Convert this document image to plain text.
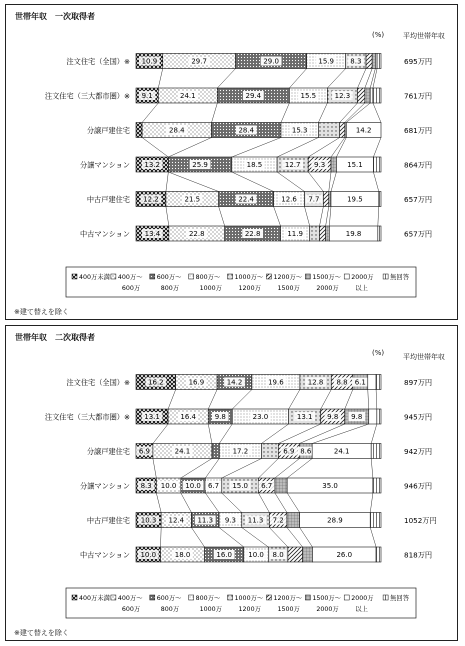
世帯年収　一次取得者
(%)	平均世帯年収
注文住宅（全国）※ 10.9	29.7	29.0	15.9 8.3	695万円
注文住宅（三大都市圏）※ 9.1	24.1	29.4	15.5	12.3	761万円
分譲戸建住宅	28.4	28.4	15.3	14.2	681万円
分譲マンション 13.2	25.9	18.5	12.7 9.3	15.1	864万円
中古戸建住宅 12.2	21.5	22.4	12.6 7.7	19.5	657万円
中古マンション 13.4	22.8	22.8	11.9	19.8	657万円
400万未満 400万～
600万
600万～
800万
800万～
1000万
1000万～
1200万
1200万～
1500万
1500万～
2000万
2000万
以上
無回答
※建て替えを除く
世帯年収　二次取得者
(%)	平均世帯年収
注文住宅（全国）※	16.2	16.9	14.2	19.6	12.8 8.8 6.1	897万円
注文住宅（三大都市圏）※ 13.1	16.4	9.8	23.0	13.1 9.8 9.8	945万円
分譲戸建住宅 6.9	24.1	17.2	6.9 8.6	24.1	942万円
分譲マンション 8.3 10.0 10.0 6.7 15.0 6.7	35.0	946万円
中古戸建住宅 10.3 12.4 11.3 9.3 11.3 7.2	28.9	1052万円
中古マンション 10.0	18.0	16.0 10.0 8.0	26.0	818万円
400万未満 400万～
600万
600万～
800万
800万～
1000万
1000万～
1200万
1200万～
1500万
1500万～
2000万
2000万
以上
無回答
※建て替えを除く
